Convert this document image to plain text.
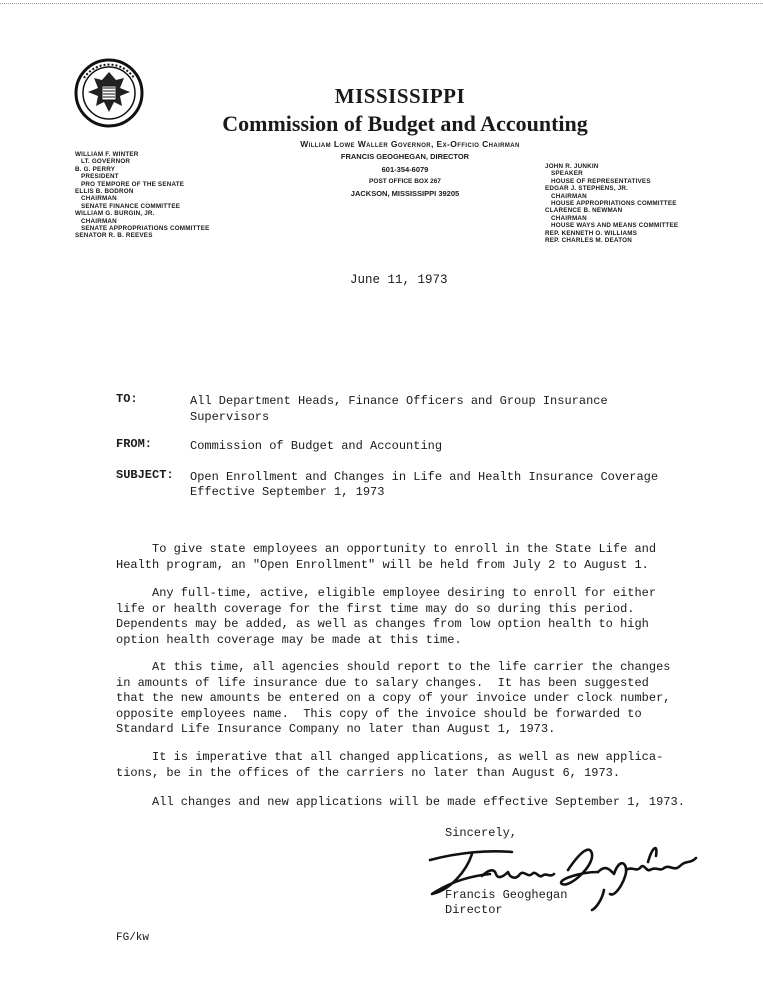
MISSISSIPPI
Commission of Budget and Accounting
William Lowe Waller Governor, Ex-Officio Chairman
FRANCIS GEOGHEGAN, DIRECTOR
601-354-6079
POST OFFICE BOX 267
JACKSON, MISSISSIPPI 39205
WILLIAM F. WINTER
LT. GOVERNOR
B. G. PERRY
PRESIDENT
PRO TEMPORE OF THE SENATE
ELLIS B. BODRON
CHAIRMAN
SENATE FINANCE COMMITTEE
WILLIAM G. BURGIN, JR.
CHAIRMAN
SENATE APPROPRIATIONS COMMITTEE
SENATOR R. B. REEVES
JOHN R. JUNKIN
SPEAKER
HOUSE OF REPRESENTATIVES
EDGAR J. STEPHENS, JR.
CHAIRMAN
HOUSE APPROPRIATIONS COMMITTEE
CLARENCE B. NEWMAN
CHAIRMAN
HOUSE WAYS AND MEANS COMMITTEE
REP. KENNETH O. WILLIAMS
REP. CHARLES M. DEATON
June 11, 1973
TO:	All Department Heads, Finance Officers and Group Insurance Supervisors
FROM:	Commission of Budget and Accounting
SUBJECT: Open Enrollment and Changes in Life and Health Insurance Coverage
Effective September 1, 1973
To give state employees an opportunity to enroll in the State Life and
Health program, an "Open Enrollment" will be held from July 2 to August 1.
Any full-time, active, eligible employee desiring to enroll for either
life or health coverage for the first time may do so during this period.
Dependents may be added, as well as changes from low option health to high
option health coverage may be made at this time.
At this time, all agencies should report to the life carrier the changes
in amounts of life insurance due to salary changes.  It has been suggested
that the new amounts be entered on a copy of your invoice under clock number,
opposite employees name.  This copy of the invoice should be forwarded to
Standard Life Insurance Company no later than August 1, 1973.
It is imperative that all changed applications, as well as new applica-
tions, be in the offices of the carriers no later than August 6, 1973.
All changes and new applications will be made effective September 1, 1973.
Sincerely,
Francis Geoghegan
Director
FG/kw
